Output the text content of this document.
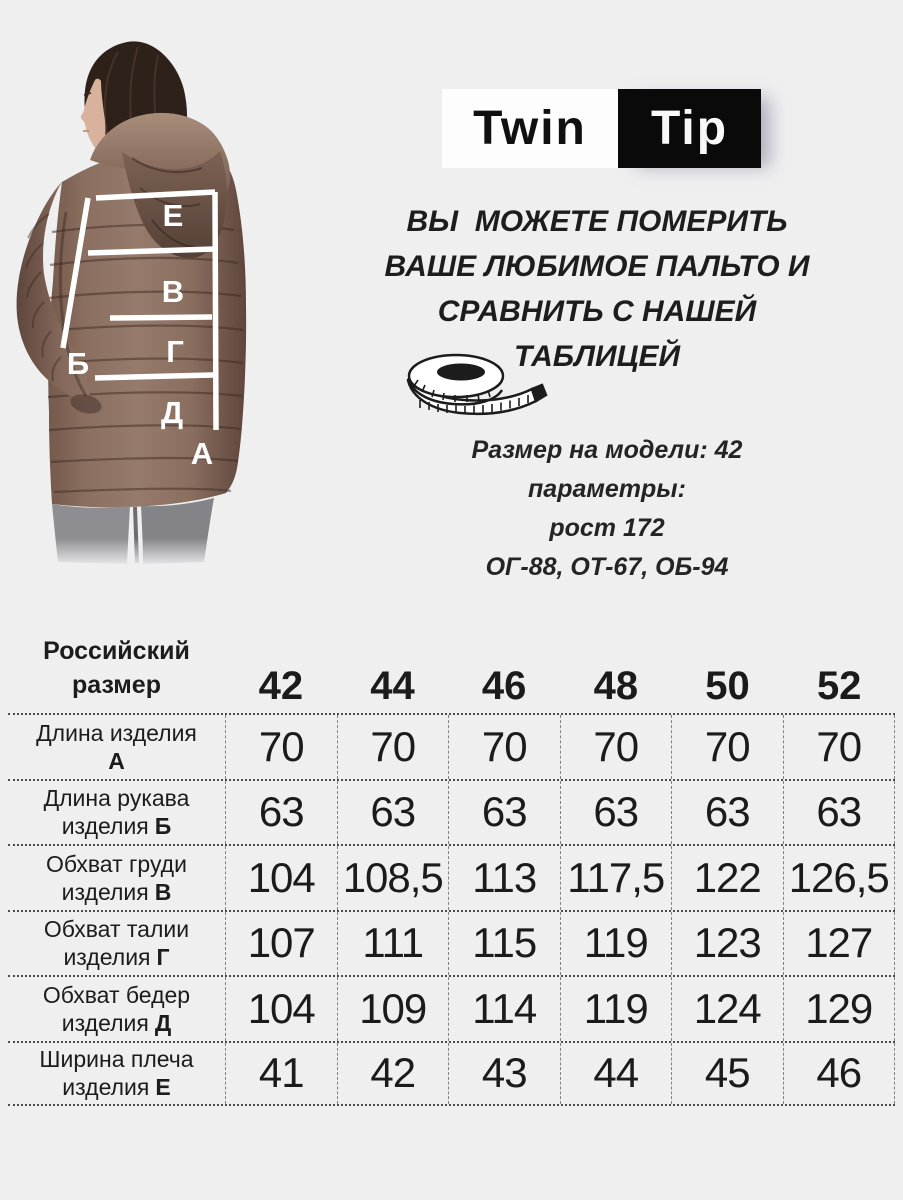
Е
В
Г
Д
А
Б
Twin Tip
ВЫ  МОЖЕТЕ ПОМЕРИТЬ
ВАШЕ ЛЮБИМОЕ ПАЛЬТО И
СРАВНИТЬ С НАШЕЙ
ТАБЛИЦЕЙ
Размер на модели: 42
параметры:
рост 172
ОГ-88, ОТ-67, ОБ-94
Российский
размер	42	44	46	48	50	52
Длина изделия
А	70	70	70	70	70	70
Длина рукава
изделия Б	63	63	63	63	63	63
Обхват груди
изделия В	104 108,5 113 117,5 122 126,5
Обхват талии
изделия Г	107	111	115	119	123	127
Обхват бедер
изделия Д	104	109	114	119	124	129
Ширина плеча
изделия Е	41	42	43	44	45	46
